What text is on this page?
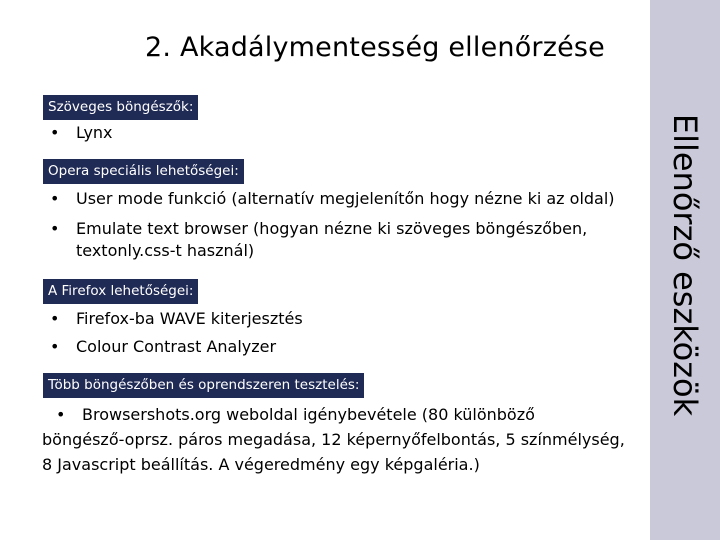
2. Akadálymentesség ellenőrzése
Ellenőrző eszközök
Szöveges böngészők:
• Lynx
Opera speciális lehetőségei:
• User mode funkció (alternatív megjelenítőn hogy nézne ki az oldal)
• Emulate text browser (hogyan nézne ki szöveges böngészőben,
textonly.css-t használ)
A Firefox lehetőségei:
• Firefox-ba WAVE kiterjesztés
• Colour Contrast Analyzer
Több böngészőben és oprendszeren tesztelés:
• Browsershots.org weboldal igénybevétele (80 különböző
böngésző-oprsz. páros megadása, 12 képernyőfelbontás, 5 színmélység,
8 Javascript beállítás. A végeredmény egy képgaléria.)
